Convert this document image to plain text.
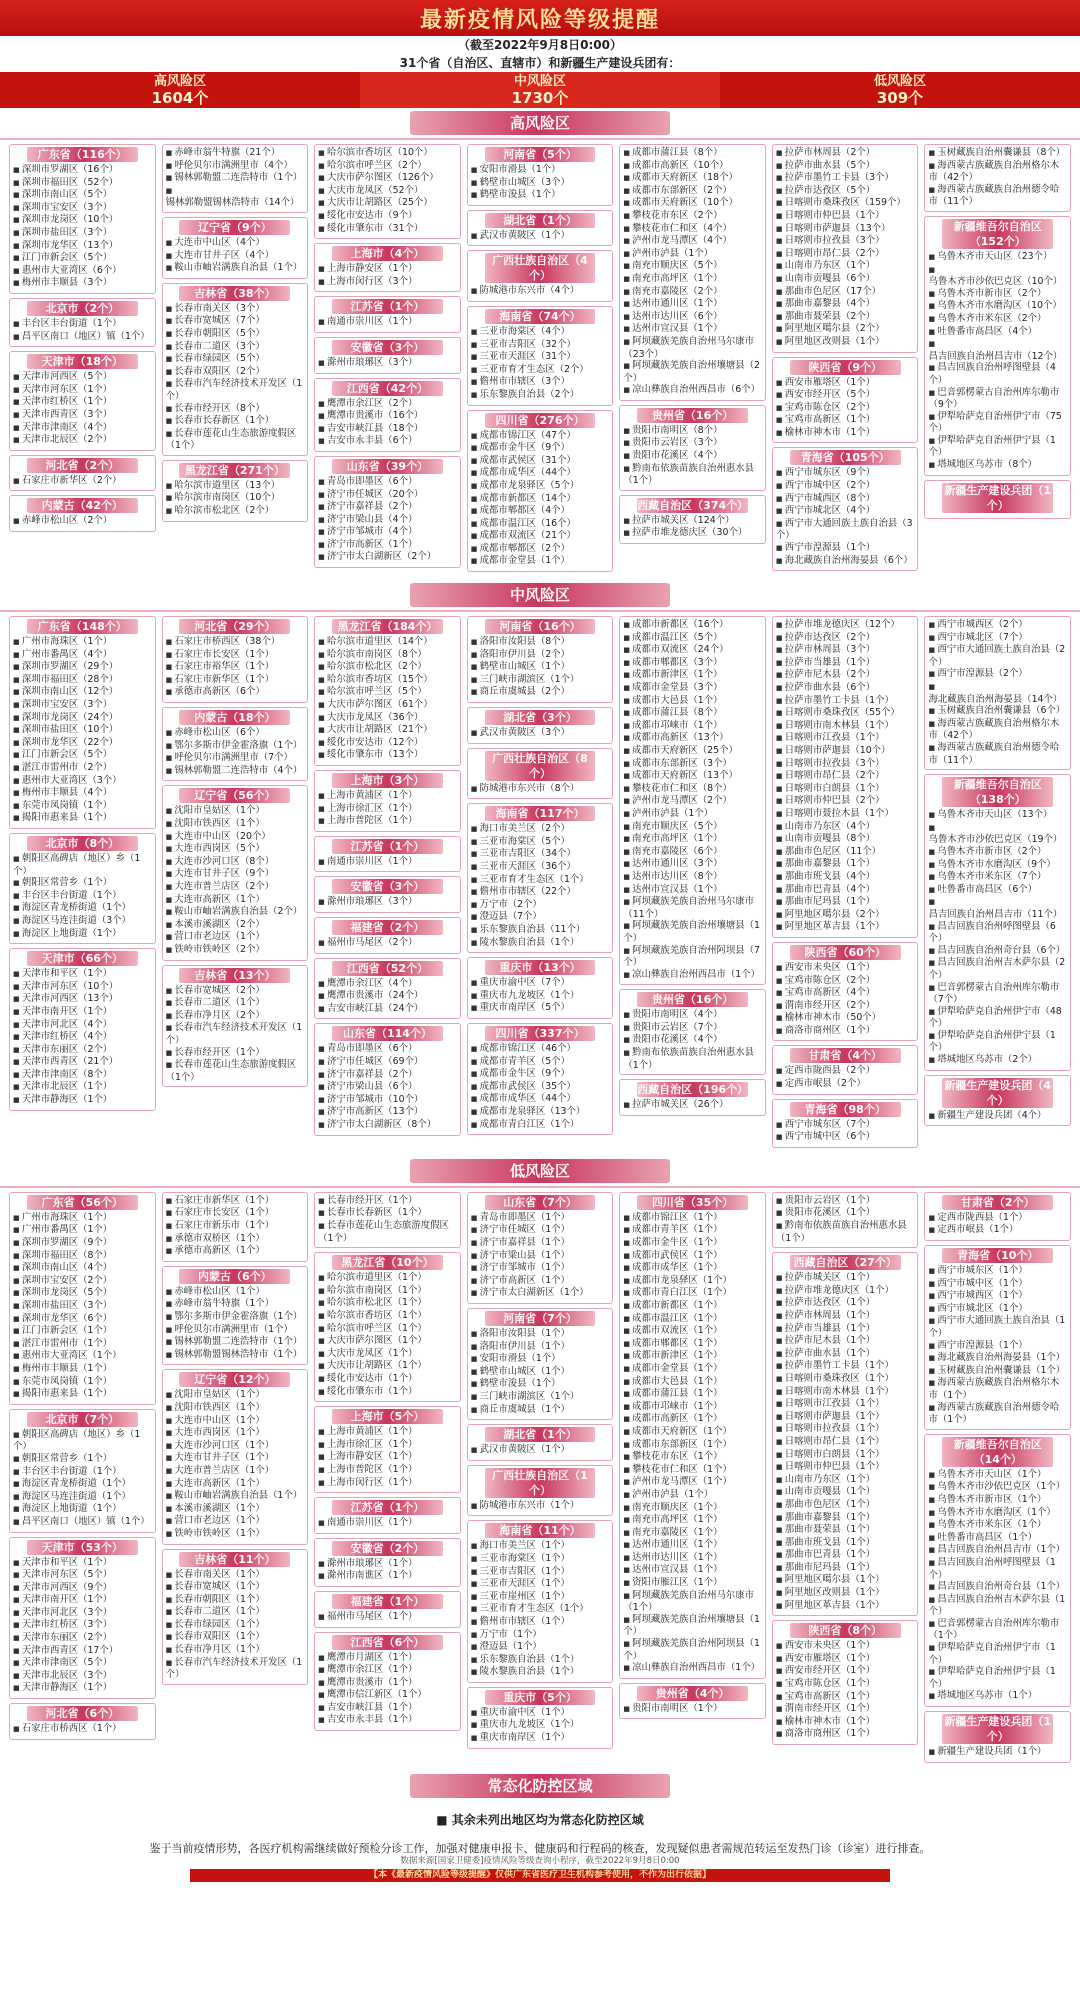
最新疫情风险等级提醒
（截至2022年9月8日0:00）
31个省（自治区、直辖市）和新疆生产建设兵团有：
高风险区
1604个
中风险区
1730个
低风险区
309个
高风险区
广东省（116个）
■ 深圳市罗湖区（16个）
■ 深圳市福田区（52个）
■ 深圳市南山区（5个）
■ 深圳市宝安区（3个）
■ 深圳市龙岗区（10个）
■ 深圳市盐田区（3个）
■ 深圳市龙华区（13个）
■ 江门市新会区（5个）
■ 惠州市大亚湾区（6个）
■ 梅州市丰顺县（3个）
北京市（2个）
■ 丰台区丰台街道（1个）
■ 昌平区南口（地区）镇（1个）
天津市（18个）
■ 天津市河西区（5个）
■ 天津市河东区（1个）
■ 天津市红桥区（1个）
■ 天津市西青区（3个）
■ 天津市津南区（4个）
■ 天津市北辰区（2个）
河北省（2个）
■ 石家庄市新华区（2个）
内蒙古（42个）
■ 赤峰市松山区（2个）
■ 赤峰市翁牛特旗（21个）
■ 呼伦贝尔市满洲里市（4个）
■ 锡林郭勒盟二连浩特市（1个）
■ 锡林郭勒盟锡林浩特市（14个）
辽宁省（9个）
■ 大连市中山区（4个）
■ 大连市甘井子区（4个）
■ 鞍山市岫岩满族自治县（1个）
吉林省（38个）
■ 长春市南关区（3个）
■ 长春市宽城区（7个）
■ 长春市朝阳区（5个）
■ 长春市二道区（3个）
■ 长春市绿园区（5个）
■ 长春市双阳区（2个）
■ 长春市汽车经济技术开发区（1个）
■ 长春市经开区（8个）
■ 长春市长春新区（1个）
■ 长春市莲花山生态旅游度假区（1个）
黑龙江省（271个）
■ 哈尔滨市道里区（13个）
■ 哈尔滨市南岗区（10个）
■ 哈尔滨市松北区（2个）
■ 哈尔滨市香坊区（10个）
■ 哈尔滨市呼兰区（2个）
■ 大庆市萨尔图区（126个）
■ 大庆市龙凤区（52个）
■ 大庆市让胡路区（25个）
■ 绥化市安达市（9个）
■ 绥化市肇东市（31个）
上海市（4个）
■ 上海市静安区（1个）
■ 上海市闵行区（3个）
江苏省（1个）
■ 南通市崇川区（1个）
安徽省（3个）
■ 滁州市琅琊区（3个）
江西省（42个）
■ 鹰潭市余江区（2个）
■ 鹰潭市贵溪市（16个）
■ 吉安市峡江县（18个）
■ 吉安市永丰县（6个）
山东省（39个）
■ 青岛市即墨区（6个）
■ 济宁市任城区（20个）
■ 济宁市嘉祥县（2个）
■ 济宁市梁山县（4个）
■ 济宁市邹城市（4个）
■ 济宁市高新区（1个）
■ 济宁市太白湖新区（2个）
河南省（5个）
■ 安阳市滑县（1个）
■ 鹤壁市山城区（3个）
■ 鹤壁市浚县（1个）
湖北省（1个）
■ 武汉市黄陂区（1个）
广西壮族自治区（4个）
■ 防城港市东兴市（4个）
海南省（74个）
■ 三亚市海棠区（4个）
■ 三亚市吉阳区（32个）
■ 三亚市天涯区（31个）
■ 三亚市育才生态区（2个）
■ 儋州市市辖区（3个）
■ 乐东黎族自治县（2个）
四川省（276个）
■ 成都市锦江区（47个）
■ 成都市金牛区（9个）
■ 成都市武侯区（31个）
■ 成都市成华区（44个）
■ 成都市龙泉驿区（5个）
■ 成都市新都区（14个）
■ 成都市郫都区（4个）
■ 成都市温江区（16个）
■ 成都市双流区（21个）
■ 成都市郫都区（2个）
■ 成都市金堂县（1个）
■ 成都市蒲江县（8个）
■ 成都市高新区（10个）
■ 成都市天府新区（18个）
■ 成都市东部新区（2个）
■ 成都市天府新区（10个）
■ 攀枝花市东区（2个）
■ 攀枝花市仁和区（4个）
■ 泸州市龙马潭区（4个）
■ 泸州市泸县（1个）
■ 南充市顺庆区（5个）
■ 南充市高坪区（1个）
■ 南充市嘉陵区（2个）
■ 达州市通川区（1个）
■ 达州市达川区（6个）
■ 达州市宣汉县（1个）
■ 阿坝藏族羌族自治州马尔康市（23个）
■ 阿坝藏族羌族自治州壤塘县（2个）
■ 凉山彝族自治州西昌市（6个）
贵州省（16个）
■ 贵阳市南明区（8个）
■ 贵阳市云岩区（3个）
■ 贵阳市花溪区（4个）
■ 黔南布依族苗族自治州惠水县（1个）
西藏自治区（374个）
■ 拉萨市城关区（124个）
■ 拉萨市堆龙德庆区（30个）
■ 拉萨市林周县（2个）
■ 拉萨市曲水县（5个）
■ 拉萨市墨竹工卡县（3个）
■ 拉萨市达孜区（5个）
■ 日喀则市桑珠孜区（159个）
■ 日喀则市仲巴县（1个）
■ 日喀则市萨迦县（13个）
■ 日喀则市拉孜县（3个）
■ 日喀则市昂仁县（2个）
■ 山南市乃东区（1个）
■ 山南市贡嘎县（6个）
■ 那曲市色尼区（17个）
■ 那曲市嘉黎县（4个）
■ 那曲市聂荣县（2个）
■ 阿里地区噶尔县（2个）
■ 阿里地区改则县（1个）
陕西省（9个）
■ 西安市雁塔区（1个）
■ 西安市经开区（5个）
■ 宝鸡市陈仓区（2个）
■ 宝鸡市高新区（1个）
■ 榆林市神木市（1个）
青海省（105个）
■ 西宁市城东区（9个）
■ 西宁市城中区（2个）
■ 西宁市城西区（8个）
■ 西宁市城北区（4个）
■ 西宁市大通回族土族自治县（3个）
■ 西宁市湟源县（1个）
■ 海北藏族自治州海晏县（6个）
■ 玉树藏族自治州囊谦县（8个）
■ 海西蒙古族藏族自治州格尔木市（42个）
■ 海西蒙古族藏族自治州德令哈市（11个）
新疆维吾尔自治区（152个）
■ 乌鲁木齐市天山区（23个）
■ 乌鲁木齐市沙依巴克区（10个）
■ 乌鲁木齐市新市区（2个）
■ 乌鲁木齐市水磨沟区（10个）
■ 乌鲁木齐市米东区（2个）
■ 吐鲁番市高昌区（4个）
■ 昌吉回族自治州昌吉市（12个）
■ 昌吉回族自治州呼图壁县（4个）
■ 巴音郭楞蒙古自治州库尔勒市（9个）
■ 伊犁哈萨克自治州伊宁市（75个）
■ 伊犁哈萨克自治州伊宁县（1个）
■ 塔城地区乌苏市（8个）
新疆生产建设兵团（1个）
中风险区
广东省（148个）
■ 广州市海珠区（1个）
■ 广州市番禺区（4个）
■ 深圳市罗湖区（29个）
■ 深圳市福田区（28个）
■ 深圳市南山区（12个）
■ 深圳市宝安区（3个）
■ 深圳市龙岗区（24个）
■ 深圳市盐田区（10个）
■ 深圳市龙华区（22个）
■ 江门市新会区（5个）
■ 湛江市雷州市（2个）
■ 惠州市大亚湾区（3个）
■ 梅州市丰顺县（4个）
■ 东莞市凤岗镇（1个）
■ 揭阳市惠来县（1个）
北京市（8个）
■ 朝阳区高碑店（地区）乡（1个）
■ 朝阳区常营乡（1个）
■ 丰台区丰台街道（1个）
■ 海淀区青龙桥街道（1个）
■ 海淀区马连洼街道（3个）
■ 海淀区上地街道（1个）
天津市（66个）
■ 天津市和平区（1个）
■ 天津市河东区（10个）
■ 天津市河西区（13个）
■ 天津市南开区（1个）
■ 天津市河北区（4个）
■ 天津市红桥区（4个）
■ 天津市东丽区（2个）
■ 天津市西青区（21个）
■ 天津市津南区（8个）
■ 天津市北辰区（1个）
■ 天津市静海区（1个）
河北省（29个）
■ 石家庄市桥西区（38个）
■ 石家庄市长安区（1个）
■ 石家庄市裕华区（1个）
■ 石家庄市新华区（1个）
■ 承德市高新区（6个）
内蒙古（18个）
■ 赤峰市松山区（6个）
■ 鄂尔多斯市伊金霍洛旗（1个）
■ 呼伦贝尔市满洲里市（7个）
■ 锡林郭勒盟二连浩特市（4个）
辽宁省（56个）
■ 沈阳市皇姑区（1个）
■ 沈阳市铁西区（1个）
■ 大连市中山区（20个）
■ 大连市西岗区（5个）
■ 大连市沙河口区（8个）
■ 大连市甘井子区（9个）
■ 大连市普兰店区（2个）
■ 大连市高新区（1个）
■ 鞍山市岫岩满族自治县（2个）
■ 本溪市溪湖区（2个）
■ 营口市老边区（1个）
■ 铁岭市铁岭区（2个）
吉林省（13个）
■ 长春市宽城区（2个）
■ 长春市二道区（1个）
■ 长春市净月区（2个）
■ 长春市汽车经济技术开发区（1个）
■ 长春市经开区（1个）
■ 长春市莲花山生态旅游度假区（1个）
黑龙江省（184个）
■ 哈尔滨市道里区（14个）
■ 哈尔滨市南岗区（8个）
■ 哈尔滨市松北区（2个）
■ 哈尔滨市香坊区（15个）
■ 哈尔滨市呼兰区（5个）
■ 大庆市萨尔图区（61个）
■ 大庆市龙凤区（36个）
■ 大庆市让胡路区（21个）
■ 绥化市安达市（12个）
■ 绥化市肇东市（13个）
上海市（3个）
■ 上海市黄浦区（1个）
■ 上海市徐汇区（1个）
■ 上海市普陀区（1个）
江苏省（1个）
■ 南通市崇川区（1个）
安徽省（3个）
■ 滁州市琅琊区（3个）
福建省（2个）
■ 福州市马尾区（2个）
江西省（52个）
■ 鹰潭市余江区（4个）
■ 鹰潭市贵溪市（24个）
■ 吉安市峡江县（24个）
山东省（114个）
■ 青岛市即墨区（6个）
■ 济宁市任城区（69个）
■ 济宁市嘉祥县（2个）
■ 济宁市梁山县（6个）
■ 济宁市邹城市（10个）
■ 济宁市高新区（13个）
■ 济宁市太白湖新区（8个）
河南省（16个）
■ 洛阳市汝阳县（8个）
■ 洛阳市伊川县（2个）
■ 鹤壁市山城区（1个）
■ 三门峡市湖滨区（1个）
■ 商丘市虞城县（2个）
湖北省（3个）
■ 武汉市黄陂区（3个）
广西壮族自治区（8个）
■ 防城港市东兴市（8个）
海南省（117个）
■ 海口市美兰区（2个）
■ 三亚市海棠区（5个）
■ 三亚市吉阳区（34个）
■ 三亚市天涯区（36个）
■ 三亚市育才生态区（1个）
■ 儋州市市辖区（22个）
■ 万宁市（2个）
■ 澄迈县（7个）
■ 乐东黎族自治县（11个）
■ 陵水黎族自治县（1个）
重庆市（13个）
■ 重庆市渝中区（7个）
■ 重庆市九龙坡区（1个）
■ 重庆市南岸区（5个）
四川省（337个）
■ 成都市锦江区（46个）
■ 成都市青羊区（5个）
■ 成都市金牛区（9个）
■ 成都市武侯区（35个）
■ 成都市成华区（44个）
■ 成都市龙泉驿区（13个）
■ 成都市青白江区（1个）
■ 成都市新都区（16个）
■ 成都市温江区（5个）
■ 成都市双流区（24个）
■ 成都市郫都区（3个）
■ 成都市新津区（1个）
■ 成都市金堂县（3个）
■ 成都市大邑县（1个）
■ 成都市蒲江县（8个）
■ 成都市邛崃市（1个）
■ 成都市高新区（13个）
■ 成都市天府新区（25个）
■ 成都市东部新区（3个）
■ 成都市天府新区（13个）
■ 攀枝花市仁和区（8个）
■ 泸州市龙马潭区（2个）
■ 泸州市泸县（1个）
■ 南充市顺庆区（5个）
■ 南充市高坪区（1个）
■ 南充市嘉陵区（6个）
■ 达州市通川区（3个）
■ 达州市达川区（8个）
■ 达州市宣汉县（1个）
■ 阿坝藏族羌族自治州马尔康市（11个）
■ 阿坝藏族羌族自治州壤塘县（1个）
■ 阿坝藏族羌族自治州阿坝县（7个）
■ 凉山彝族自治州西昌市（1个）
贵州省（16个）
■ 贵阳市南明区（4个）
■ 贵阳市云岩区（7个）
■ 贵阳市花溪区（4个）
■ 黔南布依族苗族自治州惠水县（1个）
西藏自治区（196个）
■ 拉萨市城关区（26个）
■ 拉萨市堆龙德庆区（12个）
■ 拉萨市达孜区（2个）
■ 拉萨市林周县（3个）
■ 拉萨市当雄县（1个）
■ 拉萨市尼木县（2个）
■ 拉萨市曲水县（6个）
■ 拉萨市墨竹工卡县（1个）
■ 日喀则市桑珠孜区（55个）
■ 日喀则市南木林县（1个）
■ 日喀则市江孜县（1个）
■ 日喀则市萨迦县（10个）
■ 日喀则市拉孜县（3个）
■ 日喀则市昂仁县（2个）
■ 日喀则市白朗县（1个）
■ 日喀则市仲巴县（2个）
■ 日喀则市聂拉木县（1个）
■ 山南市乃东区（4个）
■ 山南市贡嘎县（8个）
■ 那曲市色尼区（11个）
■ 那曲市嘉黎县（1个）
■ 那曲市班戈县（4个）
■ 那曲市巴青县（4个）
■ 那曲市尼玛县（1个）
■ 阿里地区噶尔县（2个）
■ 阿里地区革吉县（1个）
陕西省（60个）
■ 西安市未央区（1个）
■ 宝鸡市陈仓区（2个）
■ 宝鸡市高新区（4个）
■ 渭南市经开区（2个）
■ 榆林市神木市（50个）
■ 商洛市商州区（1个）
甘肃省（4个）
■ 定西市陇西县（2个）
■ 定西市岷县（2个）
青海省（98个）
■ 西宁市城东区（7个）
■ 西宁市城中区（6个）
■ 西宁市城西区（2个）
■ 西宁市城北区（7个）
■ 西宁市大通回族土族自治县（2个）
■ 西宁市湟源县（2个）
■ 海北藏族自治州海晏县（14个）
■ 玉树藏族自治州囊谦县（6个）
■ 海西蒙古族藏族自治州格尔木市（42个）
■ 海西蒙古族藏族自治州德令哈市（11个）
新疆维吾尔自治区（138个）
■ 乌鲁木齐市天山区（13个）
■ 乌鲁木齐市沙依巴克区（19个）
■ 乌鲁木齐市新市区（2个）
■ 乌鲁木齐市水磨沟区（9个）
■ 乌鲁木齐市米东区（7个）
■ 吐鲁番市高昌区（6个）
■ 昌吉回族自治州昌吉市（11个）
■ 昌吉回族自治州呼图壁县（6个）
■ 昌吉回族自治州奇台县（6个）
■ 昌吉回族自治州吉木萨尔县（2个）
■ 巴音郭楞蒙古自治州库尔勒市（7个）
■ 伊犁哈萨克自治州伊宁市（48个）
■ 伊犁哈萨克自治州伊宁县（1个）
■ 塔城地区乌苏市（2个）
新疆生产建设兵团（4个）
■ 新疆生产建设兵团（4个）
低风险区
广东省（56个）
■ 广州市海珠区（1个）
■ 广州市番禺区（1个）
■ 深圳市罗湖区（9个）
■ 深圳市福田区（8个）
■ 深圳市南山区（4个）
■ 深圳市宝安区（2个）
■ 深圳市龙岗区（5个）
■ 深圳市盐田区（3个）
■ 深圳市龙华区（6个）
■ 江门市新会区（1个）
■ 湛江市雷州市（1个）
■ 惠州市大亚湾区（1个）
■ 梅州市丰顺县（1个）
■ 东莞市凤岗镇（1个）
■ 揭阳市惠来县（1个）
北京市（7个）
■ 朝阳区高碑店（地区）乡（1个）
■ 朝阳区常营乡（1个）
■ 丰台区丰台街道（1个）
■ 海淀区青龙桥街道（1个）
■ 海淀区马连洼街道（1个）
■ 海淀区上地街道（1个）
■ 昌平区南口（地区）镇（1个）
天津市（53个）
■ 天津市和平区（1个）
■ 天津市河东区（5个）
■ 天津市河西区（9个）
■ 天津市南开区（1个）
■ 天津市河北区（3个）
■ 天津市红桥区（3个）
■ 天津市东丽区（2个）
■ 天津市西青区（17个）
■ 天津市津南区（5个）
■ 天津市北辰区（3个）
■ 天津市静海区（1个）
河北省（6个）
■ 石家庄市桥西区（1个）
■ 石家庄市新华区（1个）
■ 石家庄市长安区（1个）
■ 石家庄市新乐市（1个）
■ 承德市双桥区（1个）
■ 承德市高新区（1个）
内蒙古（6个）
■ 赤峰市松山区（1个）
■ 赤峰市翁牛特旗（1个）
■ 鄂尔多斯市伊金霍洛旗（1个）
■ 呼伦贝尔市满洲里市（1个）
■ 锡林郭勒盟二连浩特市（1个）
■ 锡林郭勒盟锡林浩特市（1个）
辽宁省（12个）
■ 沈阳市皇姑区（1个）
■ 沈阳市铁西区（1个）
■ 大连市中山区（1个）
■ 大连市西岗区（1个）
■ 大连市沙河口区（1个）
■ 大连市甘井子区（1个）
■ 大连市普兰店区（1个）
■ 大连市高新区（1个）
■ 鞍山市岫岩满族自治县（1个）
■ 本溪市溪湖区（1个）
■ 营口市老边区（1个）
■ 铁岭市铁岭区（1个）
吉林省（11个）
■ 长春市南关区（1个）
■ 长春市宽城区（1个）
■ 长春市朝阳区（1个）
■ 长春市二道区（1个）
■ 长春市绿园区（1个）
■ 长春市双阳区（1个）
■ 长春市净月区（1个）
■ 长春市汽车经济技术开发区（1个）
■ 长春市经开区（1个）
■ 长春市长春新区（1个）
■ 长春市莲花山生态旅游度假区（1个）
黑龙江省（10个）
■ 哈尔滨市道里区（1个）
■ 哈尔滨市南岗区（1个）
■ 哈尔滨市松北区（1个）
■ 哈尔滨市香坊区（1个）
■ 哈尔滨市呼兰区（1个）
■ 大庆市萨尔图区（1个）
■ 大庆市龙凤区（1个）
■ 大庆市让胡路区（1个）
■ 绥化市安达市（1个）
■ 绥化市肇东市（1个）
上海市（5个）
■ 上海市黄浦区（1个）
■ 上海市徐汇区（1个）
■ 上海市静安区（1个）
■ 上海市普陀区（1个）
■ 上海市闵行区（1个）
江苏省（1个）
■ 南通市崇川区（1个）
安徽省（2个）
■ 滁州市琅琊区（1个）
■ 滁州市南谯区（1个）
福建省（1个）
■ 福州市马尾区（1个）
江西省（6个）
■ 鹰潭市月湖区（1个）
■ 鹰潭市余江区（1个）
■ 鹰潭市贵溪市（1个）
■ 鹰潭市信江新区（1个）
■ 吉安市峡江县（1个）
■ 吉安市永丰县（1个）
山东省（7个）
■ 青岛市即墨区（1个）
■ 济宁市任城区（1个）
■ 济宁市嘉祥县（1个）
■ 济宁市梁山县（1个）
■ 济宁市邹城市（1个）
■ 济宁市高新区（1个）
■ 济宁市太白湖新区（1个）
河南省（7个）
■ 洛阳市汝阳县（1个）
■ 洛阳市伊川县（1个）
■ 安阳市滑县（1个）
■ 鹤壁市山城区（1个）
■ 鹤壁市浚县（1个）
■ 三门峡市湖滨区（1个）
■ 商丘市虞城县（1个）
湖北省（1个）
■ 武汉市黄陂区（1个）
广西壮族自治区（1个）
■ 防城港市东兴市（1个）
海南省（11个）
■ 海口市美兰区（1个）
■ 三亚市海棠区（1个）
■ 三亚市吉阳区（1个）
■ 三亚市天涯区（1个）
■ 三亚市崖州区（1个）
■ 三亚市育才生态区（1个）
■ 儋州市市辖区（1个）
■ 万宁市（1个）
■ 澄迈县（1个）
■ 乐东黎族自治县（1个）
■ 陵水黎族自治县（1个）
重庆市（5个）
■ 重庆市渝中区（1个）
■ 重庆市九龙坡区（1个）
■ 重庆市南岸区（1个）
四川省（35个）
■ 成都市锦江区（1个）
■ 成都市青羊区（1个）
■ 成都市金牛区（1个）
■ 成都市武侯区（1个）
■ 成都市成华区（1个）
■ 成都市龙泉驿区（1个）
■ 成都市青白江区（1个）
■ 成都市新都区（1个）
■ 成都市温江区（1个）
■ 成都市双流区（1个）
■ 成都市郫都区（1个）
■ 成都市新津区（1个）
■ 成都市金堂县（1个）
■ 成都市大邑县（1个）
■ 成都市蒲江县（1个）
■ 成都市邛崃市（1个）
■ 成都市高新区（1个）
■ 成都市天府新区（1个）
■ 成都市东部新区（1个）
■ 攀枝花市东区（1个）
■ 攀枝花市仁和区（1个）
■ 泸州市龙马潭区（1个）
■ 泸州市泸县（1个）
■ 南充市顺庆区（1个）
■ 南充市高坪区（1个）
■ 南充市嘉陵区（1个）
■ 达州市通川区（1个）
■ 达州市达川区（1个）
■ 达州市宣汉县（1个）
■ 资阳市雁江区（1个）
■ 阿坝藏族羌族自治州马尔康市（1个）
■ 阿坝藏族羌族自治州壤塘县（1个）
■ 阿坝藏族羌族自治州阿坝县（1个）
■ 凉山彝族自治州西昌市（1个）
贵州省（4个）
■ 贵阳市南明区（1个）
■ 贵阳市云岩区（1个）
■ 贵阳市花溪区（1个）
■ 黔南布依族苗族自治州惠水县（1个）
西藏自治区（27个）
■ 拉萨市城关区（1个）
■ 拉萨市堆龙德庆区（1个）
■ 拉萨市达孜区（1个）
■ 拉萨市林周县（1个）
■ 拉萨市当雄县（1个）
■ 拉萨市尼木县（1个）
■ 拉萨市曲水县（1个）
■ 拉萨市墨竹工卡县（1个）
■ 日喀则市桑珠孜区（1个）
■ 日喀则市南木林县（1个）
■ 日喀则市江孜县（1个）
■ 日喀则市萨迦县（1个）
■ 日喀则市拉孜县（1个）
■ 日喀则市昂仁县（1个）
■ 日喀则市白朗县（1个）
■ 日喀则市仲巴县（1个）
■ 山南市乃东区（1个）
■ 山南市贡嘎县（1个）
■ 那曲市色尼区（1个）
■ 那曲市嘉黎县（1个）
■ 那曲市聂荣县（1个）
■ 那曲市班戈县（1个）
■ 那曲市巴青县（1个）
■ 那曲市尼玛县（1个）
■ 阿里地区噶尔县（1个）
■ 阿里地区改则县（1个）
■ 阿里地区革吉县（1个）
陕西省（8个）
■ 西安市未央区（1个）
■ 西安市雁塔区（1个）
■ 西安市经开区（1个）
■ 宝鸡市陈仓区（1个）
■ 宝鸡市高新区（1个）
■ 渭南市经开区（1个）
■ 榆林市神木市（1个）
■ 商洛市商州区（1个）
甘肃省（2个）
■ 定西市陇西县（1个）
■ 定西市岷县（1个）
青海省（10个）
■ 西宁市城东区（1个）
■ 西宁市城中区（1个）
■ 西宁市城西区（1个）
■ 西宁市城北区（1个）
■ 西宁市大通回族土族自治县（1个）
■ 西宁市湟源县（1个）
■ 海北藏族自治州海晏县（1个）
■ 玉树藏族自治州囊谦县（1个）
■ 海西蒙古族藏族自治州格尔木市（1个）
■ 海西蒙古族藏族自治州德令哈市（1个）
新疆维吾尔自治区（14个）
■ 乌鲁木齐市天山区（1个）
■ 乌鲁木齐市沙依巴克区（1个）
■ 乌鲁木齐市新市区（1个）
■ 乌鲁木齐市水磨沟区（1个）
■ 乌鲁木齐市米东区（1个）
■ 吐鲁番市高昌区（1个）
■ 昌吉回族自治州昌吉市（1个）
■ 昌吉回族自治州呼图壁县（1个）
■ 昌吉回族自治州奇台县（1个）
■ 昌吉回族自治州吉木萨尔县（1个）
■ 巴音郭楞蒙古自治州库尔勒市（1个）
■ 伊犁哈萨克自治州伊宁市（1个）
■ 伊犁哈萨克自治州伊宁县（1个）
■ 塔城地区乌苏市（1个）
新疆生产建设兵团（1个）
■ 新疆生产建设兵团（1个）
常态化防控区域
■ 其余未列出地区均为常态化防控区域
鉴于当前疫情形势，各医疗机构需继续做好预检分诊工作，加强对健康申报卡、健康码和行程码的核查，发现疑似患者需规范转运至发热门诊（诊室）进行排查。
数据来源[国家卫健委]疫情风险等级查询小程序，截至2022年9月8日0:00
【本《最新疫情风险等级提醒》仅供广东省医疗卫生机构参考使用，不作为出行依据】
